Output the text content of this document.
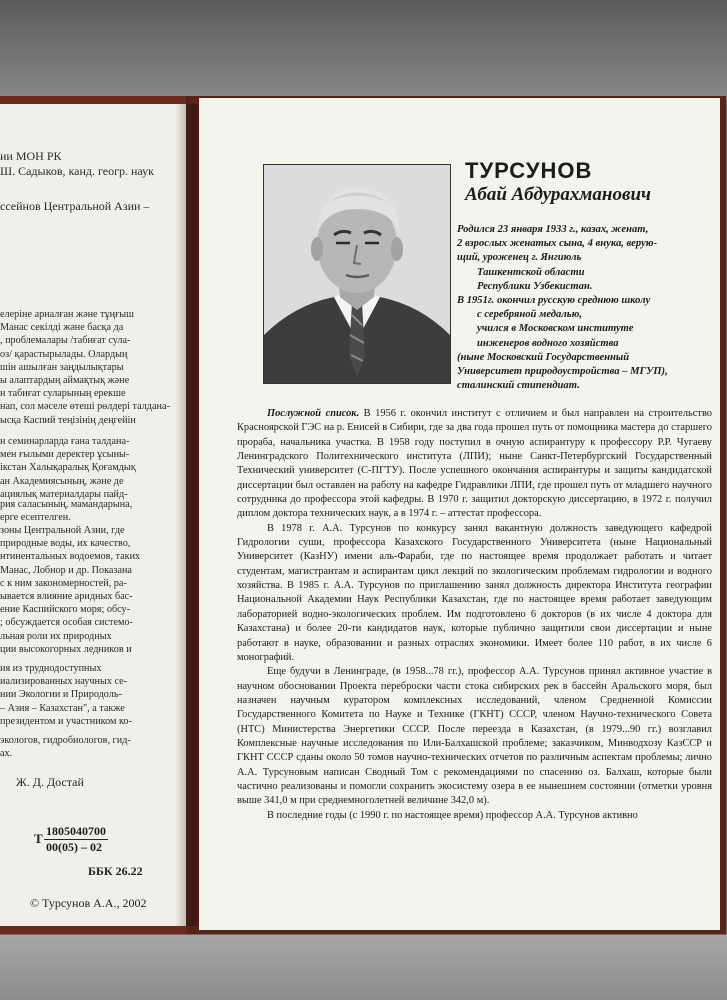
ии МОН РК
Ш. Садыков, канд. геогр. наук
ссейнов Центральной Азии –
елеріне арналған және тұңғыш
Манас секілді және басқа да
, проблемалары /табиғат сула-
оз/ қарастырылады. Олардың
шін ашылған заңдылықтары
ы алаптардың аймақтық және
н табиғат суларының ерекше
нап, сол мәселе өтеші рөлдері талдана-
ысқа Каспий теңізінің деңгейін
н семинарларда ғана талдана-
мен ғылыми деректер ұсыны-
ікстан Халықаралық Қоғамдық
ан Академиясының, және де
ациялық материалдары пайд-
рия саласының, мамандарына,
ерге есептелген.
зоны Центральной Азии, где
природные воды, их качество,
нтинентальных водоемов, таких
Манас, Лобнор и др. Показана
с к ним закономерностей, ра-
ывается влияние аридных бас-
ение Каспийского моря; обсу-
; обсуждается особая системо-
льная роли их природных
ции высокогорных ледников и
ия из труднодоступных
иализированных научных се-
нии Экологии и Природоль-
– Азия – Казахстан", а также
президентом и участником ко-
экологов, гидробиологов, гид-
ах.
Ж. Д. Достай
Т $\frac{1805040700}{00(05) - 02}$
ББК 26.22
© Турсунов А.А., 2002
ТУРСУНОВ
Абай Абдурахманович
Родился 23 января 1933 г., казах, женат,
2 взрослых женатых сына, 4 внука, верую-
щий, уроженец г. Янгиюль
Ташкентской области
Республики Узбекистан.
В 1951г. окончил русскую среднюю школу
с серебряной медалью,
учился в Московском институте
инженеров водного хозяйства
(ныне Московский Государственный
Университет природоустройства – МГУП),
сталинский стипендиат.

Послужной список. В 1956 г. окончил институт с отличием и был направлен на строительство Красноярской ГЭС на р. Енисей в Сибири, где за два года прошел путь от помощника мастера до старшего прораба, начальника участка. В 1958 году поступил в очную аспирантуру к профессору Р.Р. Чугаеву Ленинградского Политехнического института (ЛПИ); ныне Санкт-Петербургский Государственный Технический университет (С-ПГТУ). После успешного окончания аспирантуры и защиты кандидатской диссертации был оставлен на работу на кафедре Гидравлики ЛПИ, где прошел путь от младшего научного сотрудника до профессора этой кафедры. В 1970 г. защитил докторскую диссертацию, в 1972 г. получил диплом доктора технических наук, а в 1974 г. – аттестат профессора.

В 1978 г. А.А. Турсунов по конкурсу занял вакантную должность заведующего кафедрой Гидрологии суши, профессора Казахского Государственного Университета (ныне Национальный Университет (КазНУ) имени аль-Фараби, где по настоящее время продолжает работать и читает студентам, магистрантам и аспирантам цикл лекций по экологическим проблемам гидрологии и водного хозяйства. В 1985 г. А.А. Турсунов по приглашению занял должность директора Института географии Национальной Академии Наук Республики Казахстан, где по настоящее время работает заведующим лабораторией водно-экологических проблем. Им подготовлено 6 докторов (в их числе 4 доктора для Казахстана) и более 20-ти кандидатов наук, которые публично защитили свои диссертации и ныне работают в науке, образовании и разных отраслях экономики. Имеет более 110 работ, в их числе 6 монографий.

Еще будучи в Ленинграде, (в 1958...78 гг.), профессор А.А. Турсунов принял активное участие в научном обосновании Проекта переброски части стока сибирских рек в бассейн Аральского моря, был назначен научным куратором комплексных исследований, членом Средненной Комиссии Государственного Комитета по Науке и Технике (ГКНТ) СССР, членом Научно-технического Совета (НТС) Министерства Энергетики СССР. После переезда в Казахстан, (в 1979...90 гг.) возглавил Комплексные научные исследования по Или-Балхашской проблеме; заказчиком, Минводхозу КазССР и ГКНТ СССР сданы около 50 томов научно-технических отчетов по различным аспектам проблемы; лично А.А. Турсуновым написан Сводный Том с рекомендациями по спасению оз. Балхаш, которые были частично реализованы и помогли сохранить экосистему озера в ее нынешнем состоянии (отметки уровня выше 341,0 м при среднемноголетней величине 342,0 м).

В последние годы (с 1990 г. по настоящее время) профессор А.А. Турсунов активно
